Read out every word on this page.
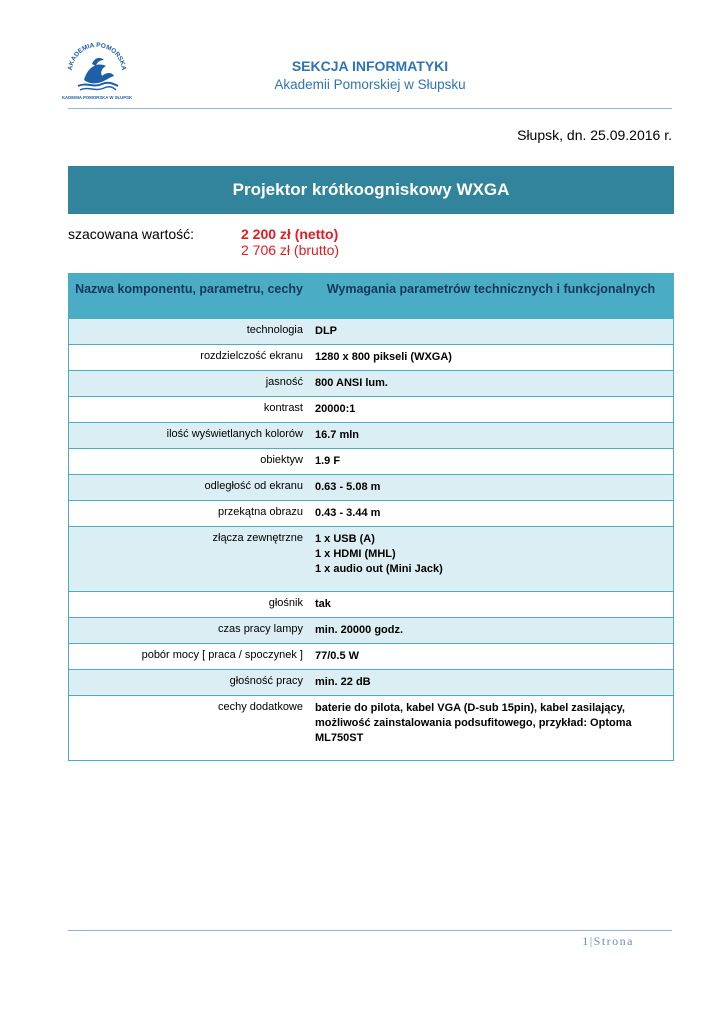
AKADEMIA POMORSKA
AKADEMIA POMORSKA W SŁUPSKU
SEKCJA INFORMATYKI
Akademii Pomorskiej w Słupsku
Słupsk, dn. 25.09.2016 r.
Projektor krótkoogniskowy WXGA
szacowana wartość:	2 200 zł (netto)
2 706 zł (brutto)
Nazwa komponentu, parametru, cechy	Wymagania parametrów technicznych i funkcjonalnych
technologia	DLP

rozdzielczość ekranu	1280 x 800 pikseli (WXGA)

jasność	800 ANSI lum.

kontrast	20000:1

ilość wyświetlanych kolorów	16.7 mln

obiektyw	1.9 F

odległość od ekranu	0.63 - 5.08 m

przekątna obrazu	0.43 - 3.44 m

złącza zewnętrzne	1 x USB (A)
1 x HDMI (MHL)
1 x audio out (Mini Jack)

głośnik	tak

czas pracy lampy	min. 20000 godz.

pobór mocy [ praca / spoczynek ]	77/0.5 W

głośność pracy	min. 22 dB

cechy dodatkowe	baterie do pilota, kabel VGA (D-sub 15pin), kabel zasilający,
możliwość zainstalowania podsufitowego, przykład: Optoma
ML750ST
1|Strona
